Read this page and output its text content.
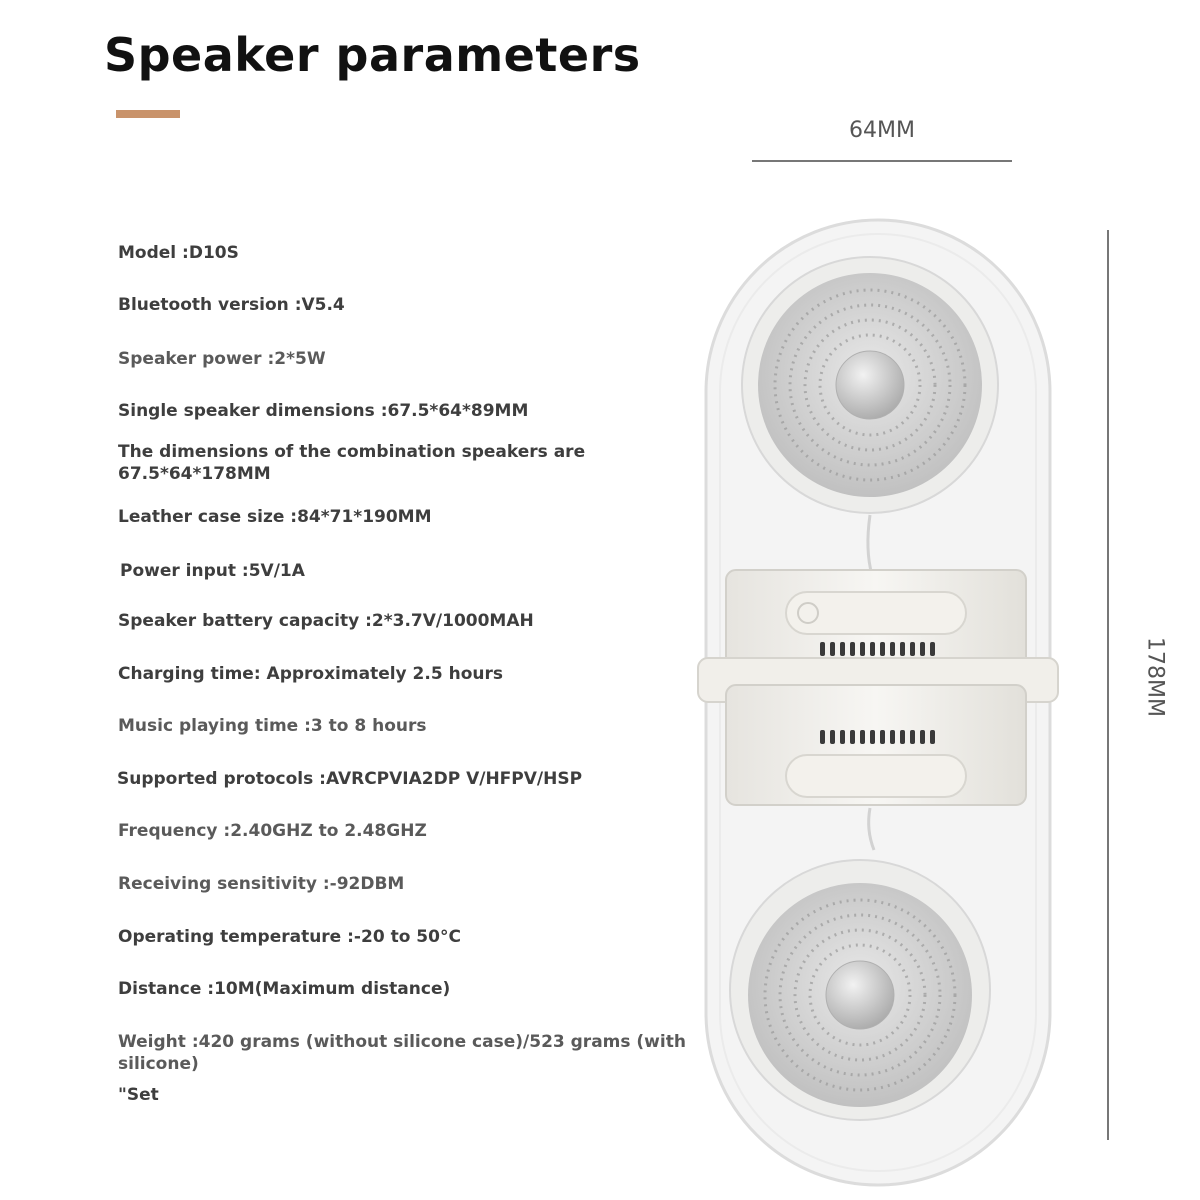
Speaker parameters
64MM
178MM
Model :D10S
Bluetooth version :V5.4
Speaker power :2*5W
Single speaker dimensions :67.5*64*89MM
The dimensions of the combination speakers are 67.5*64*178MM
Leather case size :84*71*190MM
Power input :5V/1A
Speaker battery capacity :2*3.7V/1000MAH
Charging time: Approximately 2.5 hours
Music playing time :3 to 8 hours
Supported protocols :AVRCPVIA2DP V/HFPV/HSP
Frequency :2.40GHZ to 2.48GHZ
Receiving sensitivity :-92DBM
Operating temperature :-20 to 50°C
Distance :10M(Maximum distance)
Weight :420 grams (without silicone case)/523 grams (with silicone)
"Set
